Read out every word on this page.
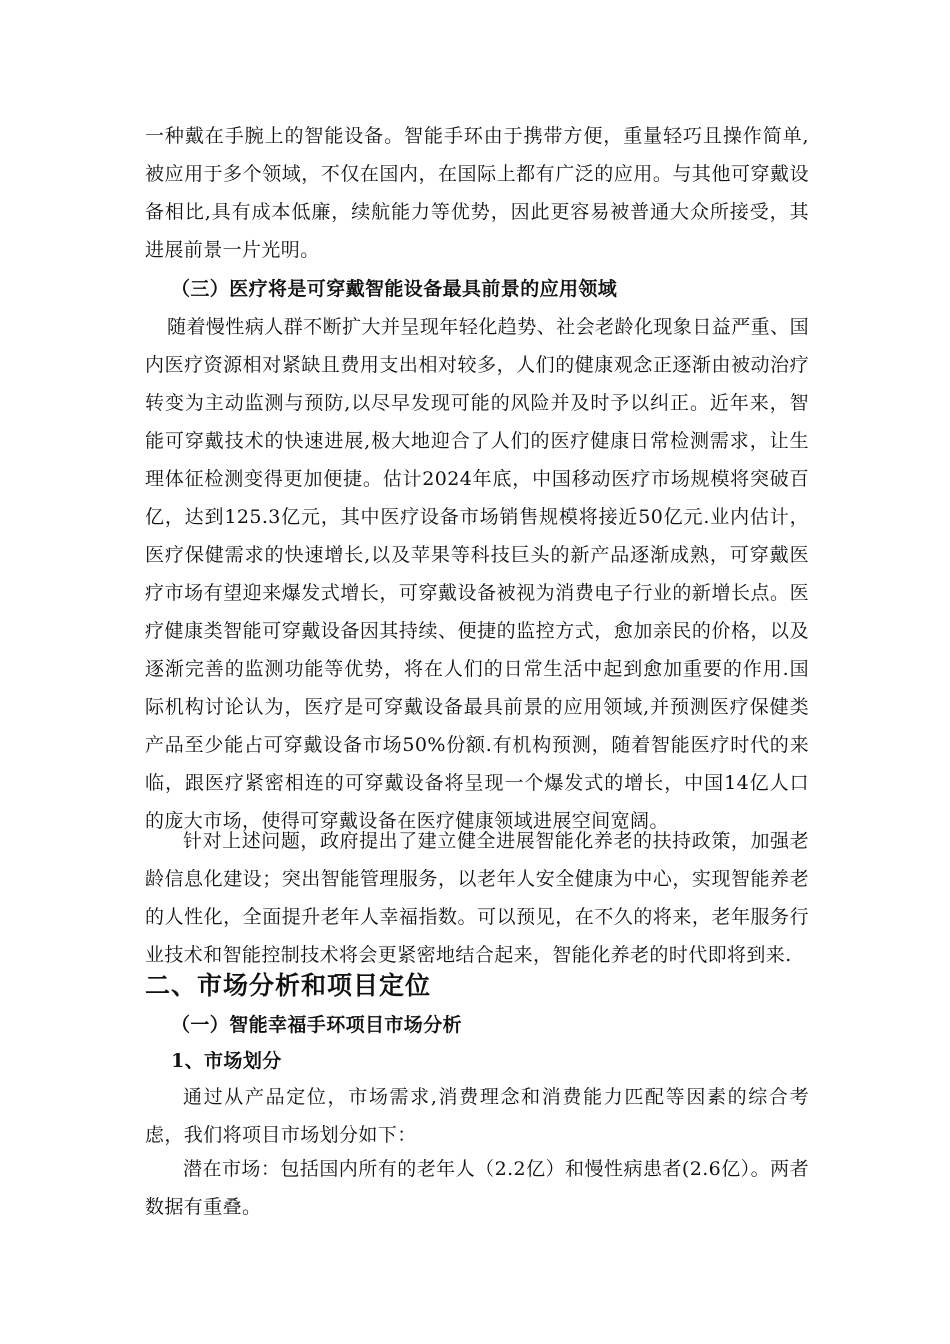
一种戴在手腕上的智能设备。智能手环由于携带方便，重量轻巧且操作简单,被应用于多个领域，不仅在国内，在国际上都有广泛的应用。与其他可穿戴设备相比,具有成本低廉，续航能力等优势，因此更容易被普通大众所接受，其进展前景一片光明。

（三）医疗将是可穿戴智能设备最具前景的应用领域

随着慢性病人群不断扩大并呈现年轻化趋势、社会老龄化现象日益严重、国内医疗资源相对紧缺且费用支出相对较多，人们的健康观念正逐渐由被动治疗转变为主动监测与预防,以尽早发现可能的风险并及时予以纠正。近年来，智能可穿戴技术的快速进展,极大地迎合了人们的医疗健康日常检测需求，让生理体征检测变得更加便捷。估计2024年底，中国移动医疗市场规模将突破百亿，达到125.3亿元，其中医疗设备市场销售规模将接近50亿元.业内估计，医疗保健需求的快速增长,以及苹果等科技巨头的新产品逐渐成熟，可穿戴医疗市场有望迎来爆发式增长，可穿戴设备被视为消费电子行业的新增长点。医疗健康类智能可穿戴设备因其持续、便捷的监控方式，愈加亲民的价格，以及逐渐完善的监测功能等优势，将在人们的日常生活中起到愈加重要的作用.国际机构讨论认为，医疗是可穿戴设备最具前景的应用领域,并预测医疗保健类产品至少能占可穿戴设备市场50%份额.有机构预测，随着智能医疗时代的来临，跟医疗紧密相连的可穿戴设备将呈现一个爆发式的增长，中国14亿人口的庞大市场，使得可穿戴设备在医疗健康领域进展空间宽阔。

针对上述问题，政府提出了建立健全进展智能化养老的扶持政策，加强老龄信息化建设；突出智能管理服务，以老年人安全健康为中心，实现智能养老的人性化，全面提升老年人幸福指数。可以预见，在不久的将来，老年服务行业技术和智能控制技术将会更紧密地结合起来，智能化养老的时代即将到来.

二、市场分析和项目定位
（一）智能幸福手环项目市场分析
1、市场划分

通过从产品定位，市场需求,消费理念和消费能力匹配等因素的综合考虑，我们将项目市场划分如下：

潜在市场：包括国内所有的老年人（2.2亿）和慢性病患者(2.6亿）。两者数据有重叠。
